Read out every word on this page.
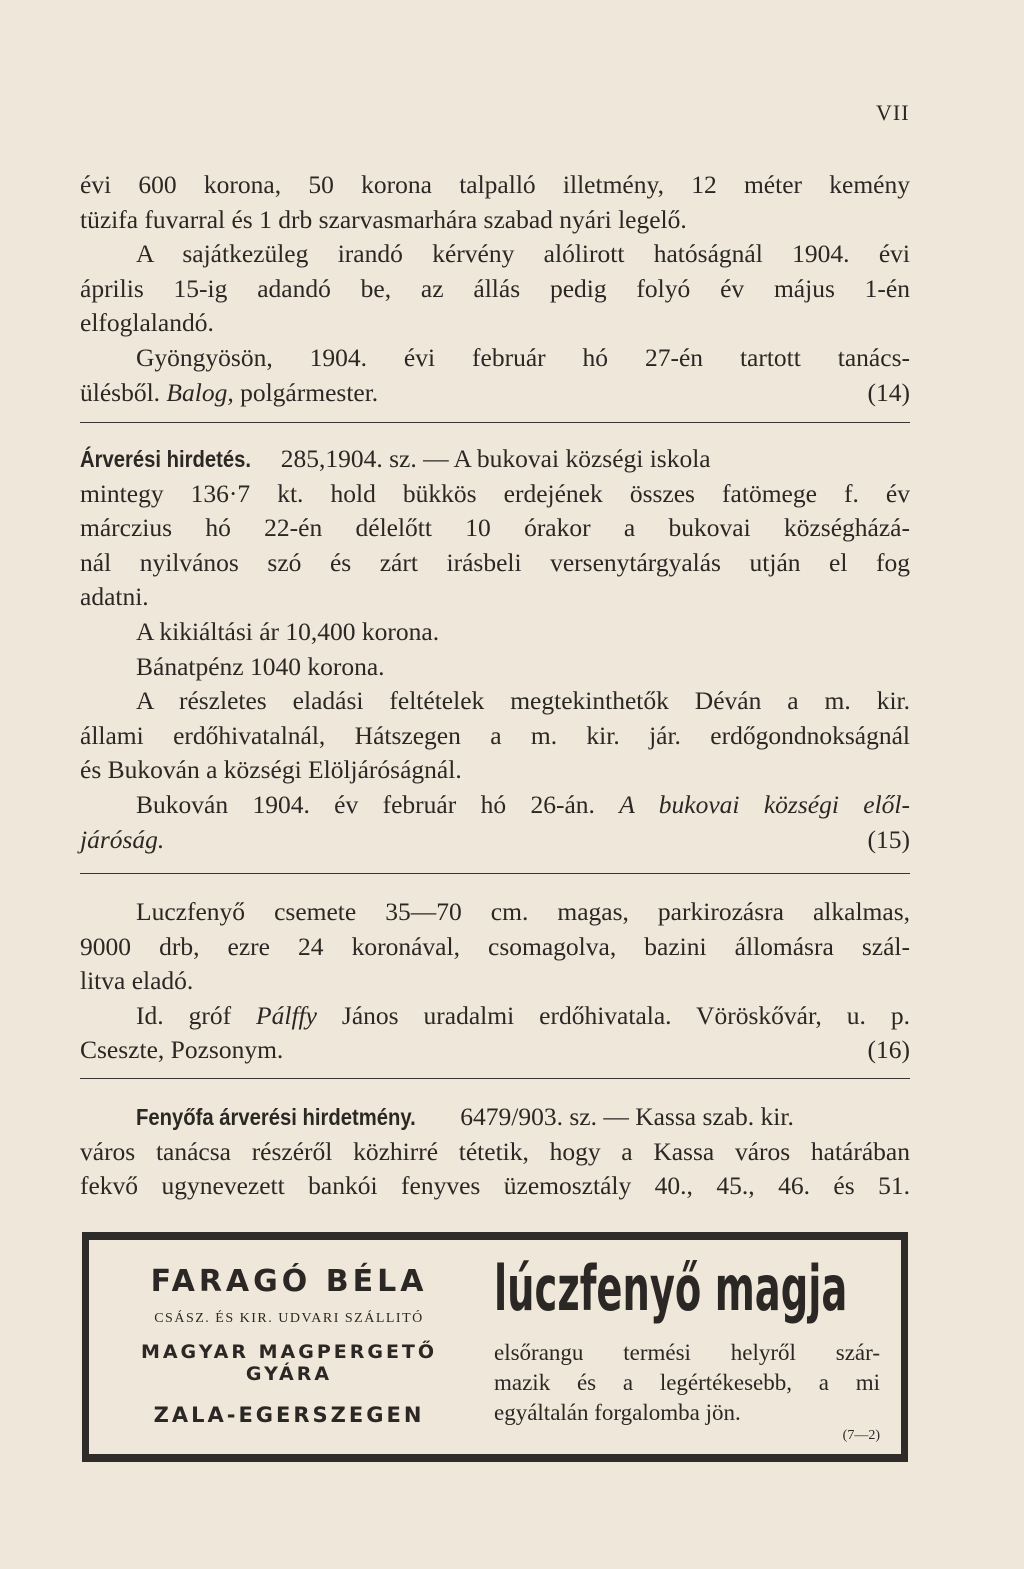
VII
évi 600 korona, 50 korona talpalló illetmény, 12 méter kemény
tüzifa fuvarral és 1 drb szarvasmarhára szabad nyári legelő.
A sajátkezüleg irandó kérvény alólirott hatóságnál 1904. évi
április 15-ig adandó be, az állás pedig folyó év május 1-én
elfoglalandó.
Gyöngyösön, 1904. évi február hó 27-én tartott tanács-
ülésből. Balog, polgármester.	(14)
Árverési hirdetés. 285,1904. sz. — A bukovai községi iskola
mintegy 136·7 kt. hold bükkös erdejének összes fatömege f. év
márczius hó 22-én délelőtt 10 órakor a bukovai községházá-
nál nyilvános szó és zárt irásbeli versenytárgyalás utján el fog
adatni.
A kikiáltási ár 10,400 korona.
Bánatpénz 1040 korona.
A részletes eladási feltételek megtekinthetők Déván a m. kir.
állami erdőhivatalnál, Hátszegen a m. kir. jár. erdőgondnokságnál
és Bukován a községi Elöljáróságnál.
Bukován 1904. év február hó 26-án. A bukovai községi elől-
járóság.	(15)
Luczfenyő csemete 35—70 cm. magas, parkirozásra alkalmas,
9000 drb, ezre 24 koronával, csomagolva, bazini állomásra szál-
litva eladó.
Id. gróf Pálffy János uradalmi erdőhivatala. Vöröskővár, u. p.
Cseszte, Pozsonym.	(16)
Fenyőfa árverési hirdetmény. 6479/903. sz. — Kassa szab. kir.
város tanácsa részéről közhirré tétetik, hogy a Kassa város határában
fekvő ugynevezett bankói fenyves üzemosztály 40., 45., 46. és 51.
FARAGÓ BÉLA
CSÁSZ. ÉS KIR. UDVARI SZÁLLITÓ
MAGYAR MAGPERGETŐ GYÁRA
ZALA-EGERSZEGEN
lúczfenyő magja
elsőrangu termési helyről szár-
mazik és a legértékesebb, a mi
egyáltalán forgalomba jön.
(7—2)
